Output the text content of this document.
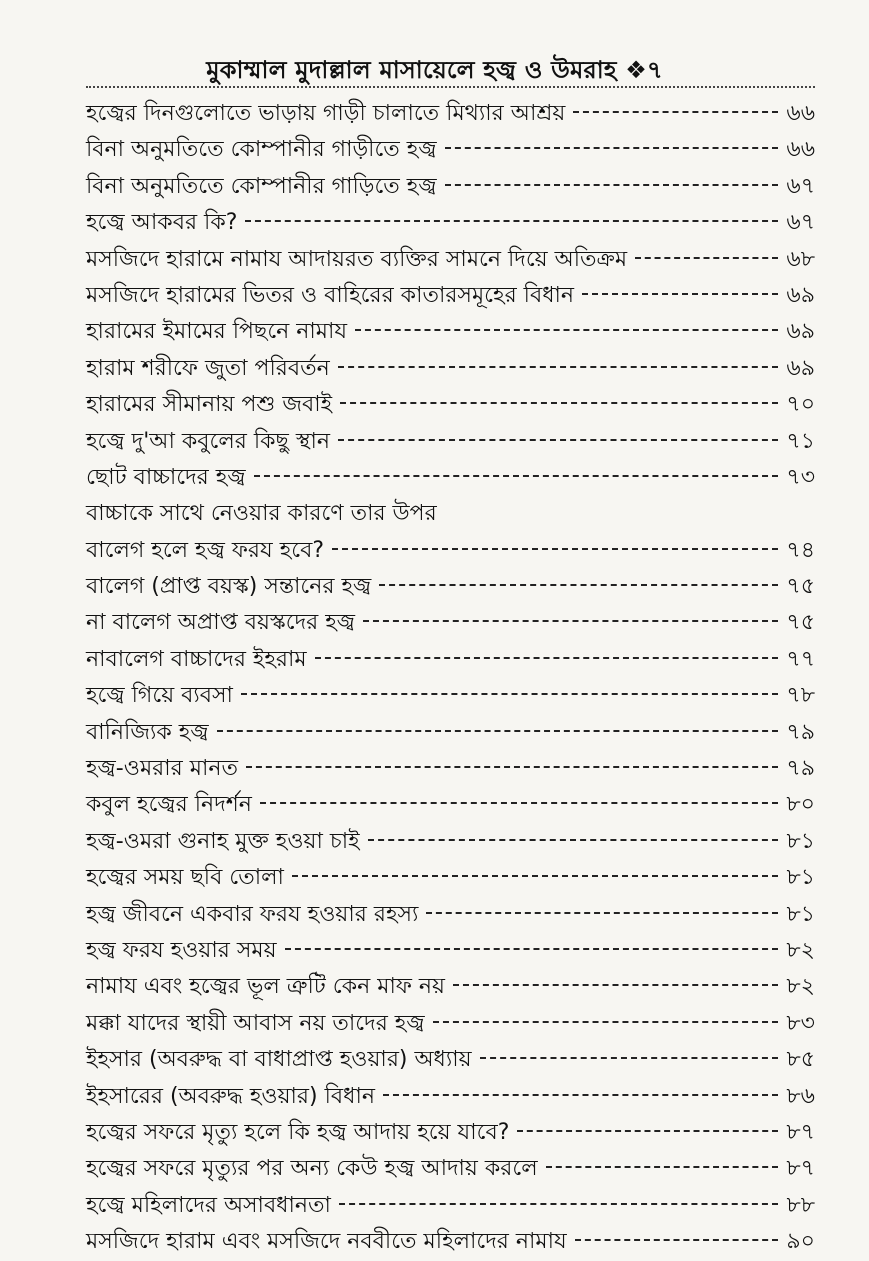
মুকাম্মাল মুদাল্লাল মাসায়েলে হজ্ব ও উমরাহ ❖৭
হজ্বের দিনগুলোতে ভাড়ায় গাড়ী চালাতে মিথ্যার আশ্রয়	৬৬
বিনা অনুমতিতে কোম্পানীর গাড়ীতে হজ্ব	৬৬
বিনা অনুমতিতে কোম্পানীর গাড়িতে হজ্ব	৬৭
হজ্বে আকবর কি?	৬৭
মসজিদে হারামে নামায আদায়রত ব্যক্তির সামনে দিয়ে অতিক্রম	৬৮
মসজিদে হারামের ভিতর ও বাহিরের কাতারসমূহের বিধান	৬৯
হারামের ইমামের পিছনে নামায	৬৯
হারাম শরীফে জুতা পরিবর্তন	৬৯
হারামের সীমানায় পশু জবাই	৭০
হজ্বে দু'আ কবুলের কিছু স্থান	৭১
ছোট বাচ্চাদের হজ্ব	৭৩
বাচ্চাকে সাথে নেওয়ার কারণে তার উপর
বালেগ হলে হজ্ব ফরয হবে?	৭৪
বালেগ (প্রাপ্ত বয়স্ক) সন্তানের হজ্ব	৭৫
না বালেগ অপ্রাপ্ত বয়স্কদের হজ্ব	৭৫
নাবালেগ বাচ্চাদের ইহরাম	৭৭
হজ্বে গিয়ে ব্যবসা	৭৮
বানিজ্যিক হজ্ব	৭৯
হজ্ব-ওমরার মানত	৭৯
কবুল হজ্বের নিদর্শন	৮০
হজ্ব-ওমরা গুনাহ মুক্ত হওয়া চাই	৮১
হজ্বের সময় ছবি তোলা	৮১
হজ্ব জীবনে একবার ফরয হওয়ার রহস্য	৮১
হজ্ব ফরয হওয়ার সময়	৮২
নামায এবং হজ্বের ভূল ত্রুটি কেন মাফ নয়	৮২
মক্কা যাদের স্থায়ী আবাস নয় তাদের হজ্ব	৮৩
ইহসার (অবরুদ্ধ বা বাধাপ্রাপ্ত হওয়ার) অধ্যায়	৮৫
ইহসারের (অবরুদ্ধ হওয়ার) বিধান	৮৬
হজ্বের সফরে মৃত্যু হলে কি হজ্ব আদায় হয়ে যাবে?	৮৭
হজ্বের সফরে মৃত্যুর পর অন্য কেউ হজ্ব আদায় করলে	৮৭
হজ্বে মহিলাদের অসাবধানতা	৮৮
মসজিদে হারাম এবং মসজিদে নববীতে মহিলাদের নামায	৯০
